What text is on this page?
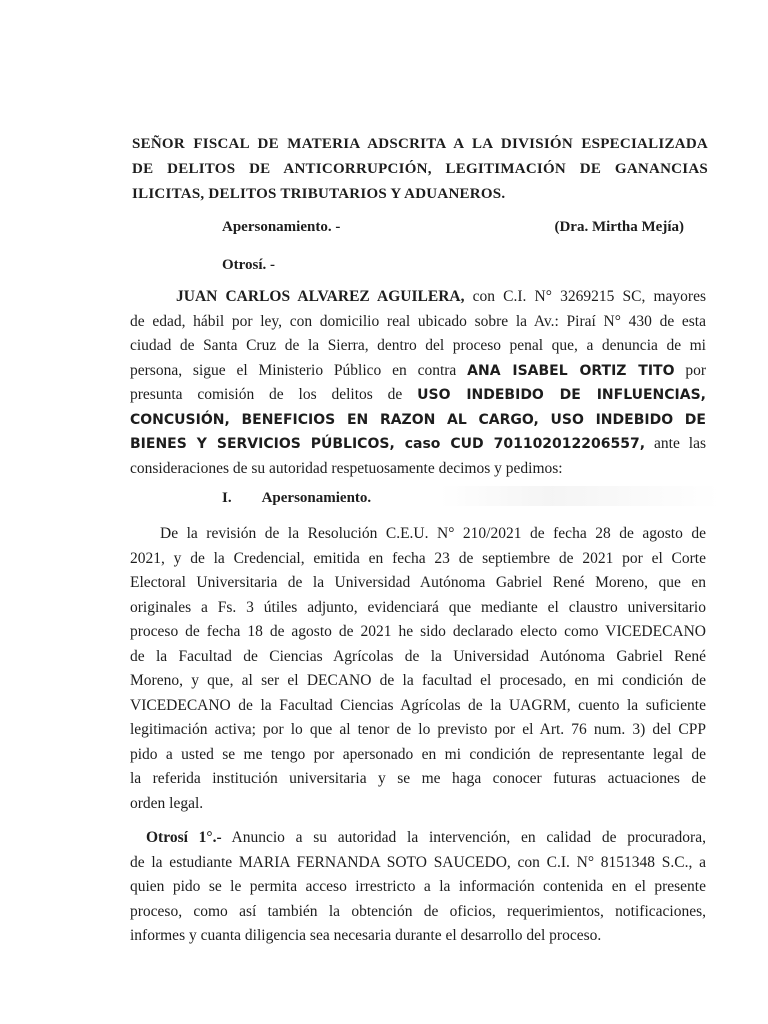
SEÑOR FISCAL DE MATERIA ADSCRITA A LA DIVISIÓN ESPECIALIZADA
DE DELITOS DE ANTICORRUPCIÓN, LEGITIMACIÓN DE GANANCIAS
ILICITAS, DELITOS TRIBUTARIOS Y ADUANEROS.
Apersonamiento. -	(Dra. Mirtha Mejía)
Otrosí. -
JUAN CARLOS ALVAREZ AGUILERA, con C.I. N° 3269215 SC, mayores
de edad, hábil por ley, con domicilio real ubicado sobre la Av.: Piraí N° 430 de esta
ciudad de Santa Cruz de la Sierra, dentro del proceso penal que, a denuncia de mi
persona, sigue el Ministerio Público en contra ANA ISABEL ORTIZ TITO por
presunta comisión de los delitos de USO INDEBIDO DE INFLUENCIAS,
CONCUSIÓN, BENEFICIOS EN RAZON AL CARGO, USO INDEBIDO DE
BIENES Y SERVICIOS PÚBLICOS, caso CUD 701102012206557, ante las
consideraciones de su autoridad respetuosamente decimos y pedimos:
I. Apersonamiento.
De la revisión de la Resolución C.E.U. N° 210/2021 de fecha 28 de agosto de
2021, y de la Credencial, emitida en fecha 23 de septiembre de 2021 por el Corte
Electoral Universitaria de la Universidad Autónoma Gabriel René Moreno, que en
originales a Fs. 3 útiles adjunto, evidenciará que mediante el claustro universitario
proceso de fecha 18 de agosto de 2021 he sido declarado electo como VICEDECANO
de la Facultad de Ciencias Agrícolas de la Universidad Autónoma Gabriel René
Moreno, y que, al ser el DECANO de la facultad el procesado, en mi condición de
VICEDECANO de la Facultad Ciencias Agrícolas de la UAGRM, cuento la suficiente
legitimación activa; por lo que al tenor de lo previsto por el Art. 76 num. 3) del CPP
pido a usted se me tengo por apersonado en mi condición de representante legal de
la referida institución universitaria y se me haga conocer futuras actuaciones de
orden legal.
Otrosí 1°.- Anuncio a su autoridad la intervención, en calidad de procuradora,
de la estudiante MARIA FERNANDA SOTO SAUCEDO, con C.I. N° 8151348 S.C., a
quien pido se le permita acceso irrestricto a la información contenida en el presente
proceso, como así también la obtención de oficios, requerimientos, notificaciones,
informes y cuanta diligencia sea necesaria durante el desarrollo del proceso.
